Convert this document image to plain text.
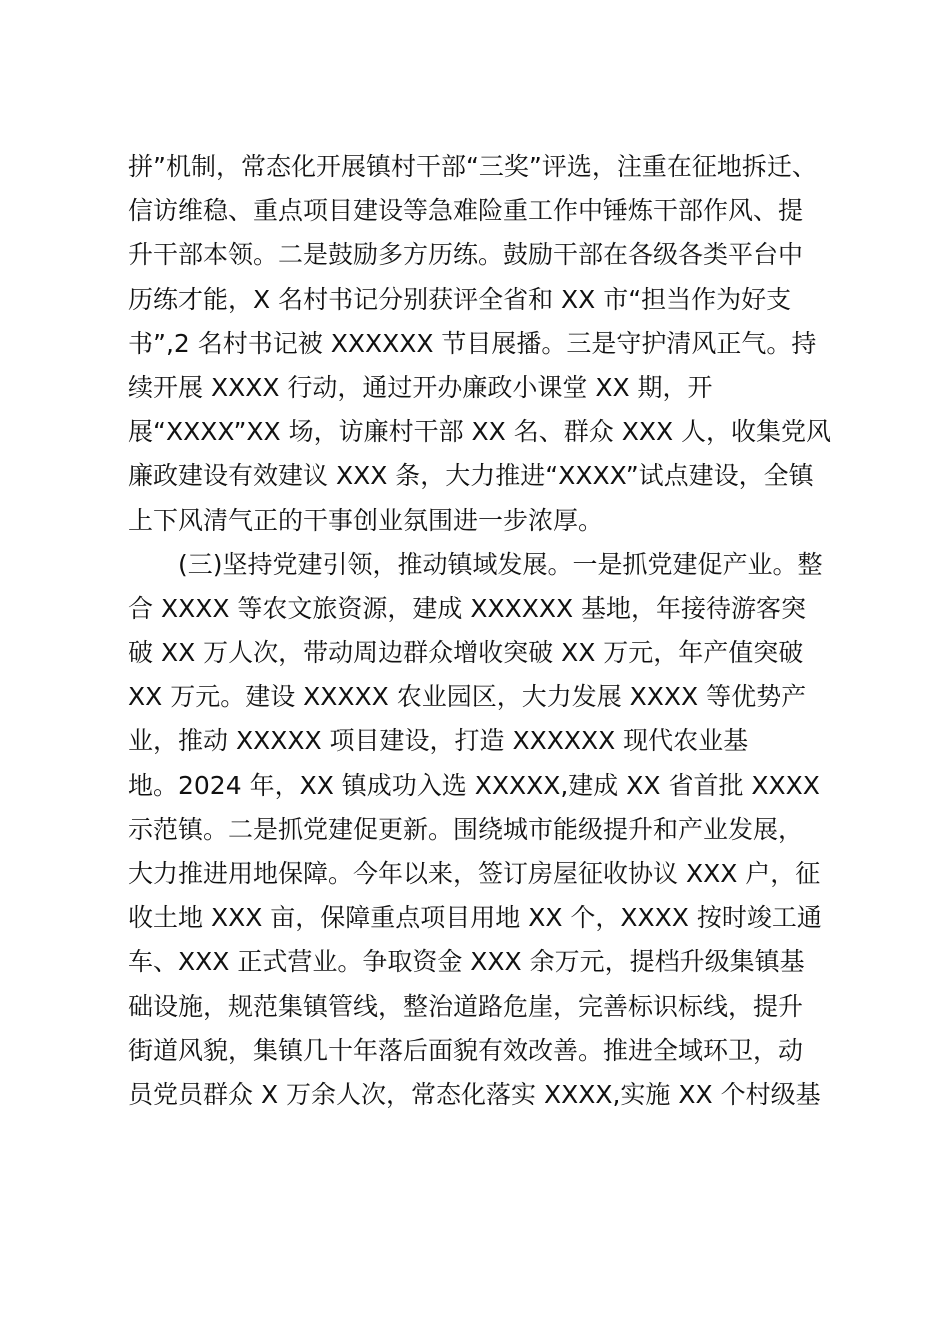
拼”机制，常态化开展镇村干部“三奖”评选，注重在征地拆迁、
信访维稳、重点项目建设等急难险重工作中锤炼干部作风、提
升干部本领。二是鼓励多方历练。鼓励干部在各级各类平台中
历练才能，X 名村书记分别获评全省和 XX 市“担当作为好支
书”,2 名村书记被 XXXXXX 节目展播。三是守护清风正气。持
续开展 XXXX 行动，通过开办廉政小课堂 XX 期，开
展“XXXX”XX 场，访廉村干部 XX 名、群众 XXX 人，收集党风
廉政建设有效建议 XXX 条，大力推进“XXXX”试点建设，全镇
上下风清气正的干事创业氛围进一步浓厚。
(三)坚持党建引领，推动镇域发展。一是抓党建促产业。整
合 XXXX 等农文旅资源，建成 XXXXXX 基地，年接待游客突
破 XX 万人次，带动周边群众增收突破 XX 万元，年产值突破
XX 万元。建设 XXXXX 农业园区，大力发展 XXXX 等优势产
业，推动 XXXXX 项目建设，打造 XXXXXX 现代农业基
地。2024 年，XX 镇成功入选 XXXXX,建成 XX 省首批 XXXX
示范镇。二是抓党建促更新。围绕城市能级提升和产业发展，
大力推进用地保障。今年以来，签订房屋征收协议 XXX 户，征
收土地 XXX 亩，保障重点项目用地 XX 个，XXXX 按时竣工通
车、XXX 正式营业。争取资金 XXX 余万元，提档升级集镇基
础设施，规范集镇管线，整治道路危崖，完善标识标线，提升
街道风貌，集镇几十年落后面貌有效改善。推进全域环卫，动
员党员群众 X 万余人次，常态化落实 XXXX,实施 XX 个村级基
